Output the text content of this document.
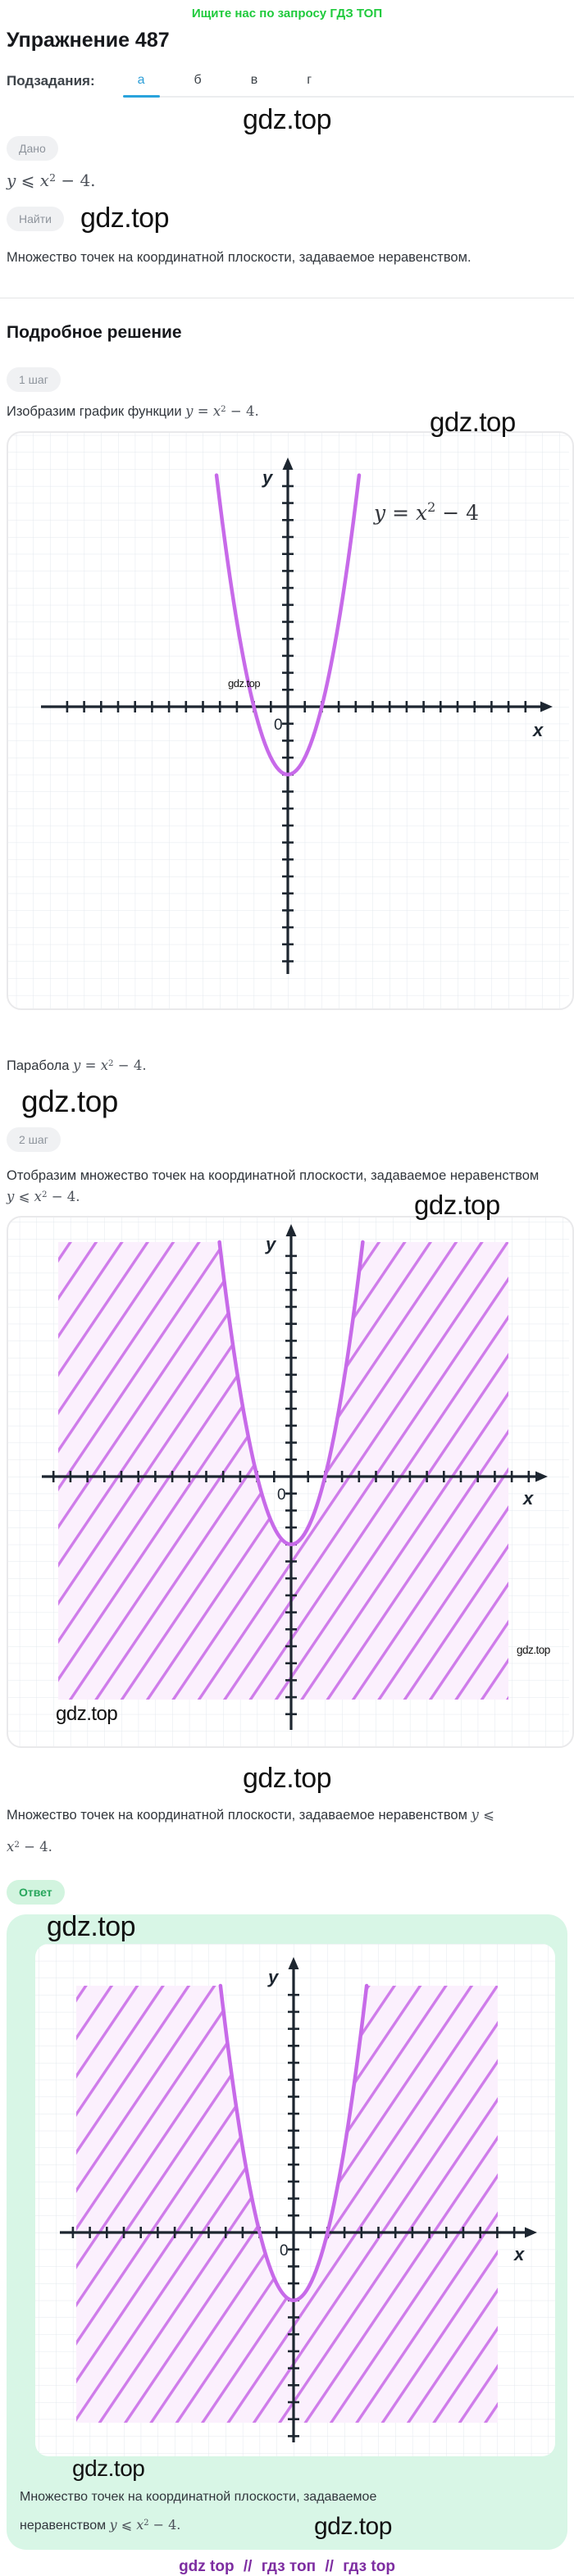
Ищите нас по запросу ГДЗ ТОП
Упражнение 487
Подзадания:	а	б	в	г
gdz.top
Дано
y ⩽ $x^2 - 4$.
Найти	gdz.top
Множество точек на координатной плоскости, задаваемое неравенством.
Подробное решение
1 шаг
Изобразим график функции $y = x^2 - 4$.	gdz.top
y
x
0
$y = x^2 - 4$
gdz.top
Парабола $y = x^2 - 4$.
gdz.top
2 шаг
Отобразим множество точек на координатной плоскости, задаваемое неравенством
y ⩽ $x^2 - 4$.	gdz.top
y
x
0
gdz.top
gdz.top
gdz.top
Множество точек на координатной плоскости, задаваемое неравенством y ⩽
$x^2 - 4$.
Ответ
gdz.top
y
x
0
gdz.top
Множество точек на координатной плоскости, задаваемое
неравенством y ⩽ $x^2 - 4$.	gdz.top
gdz top // гдз топ // гдз top
